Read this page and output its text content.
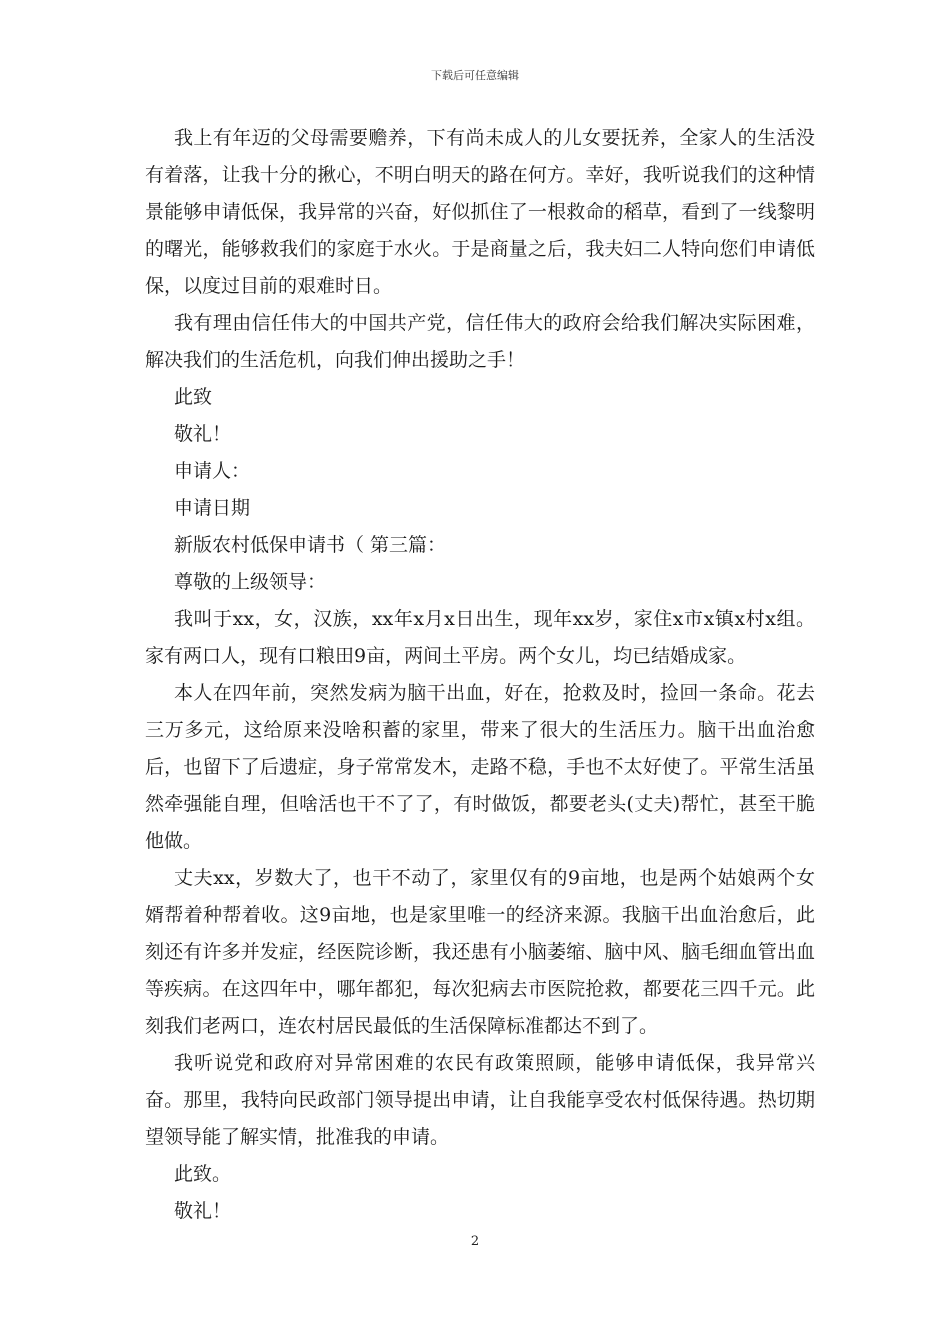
下载后可任意编辑

我上有年迈的父母需要赡养，下有尚未成人的儿女要抚养，全家人的生活没有着落，让我十分的揪心，不明白明天的路在何方。幸好，我听说我们的这种情景能够申请低保，我异常的兴奋，好似抓住了一根救命的稻草，看到了一线黎明的曙光，能够救我们的家庭于水火。于是商量之后，我夫妇二人特向您们申请低保，以度过目前的艰难时日。

我有理由信任伟大的中国共产党，信任伟大的政府会给我们解决实际困难，解决我们的生活危机，向我们伸出援助之手！

此致

敬礼！

申请人：

申请日期

新版农村低保申请书（ 第三篇：

尊敬的上级领导：

我叫于xx，女，汉族，xx年x月x日出生，现年xx岁，家住x市x镇x村x组。家有两口人，现有口粮田9亩，两间土平房。两个女儿，均已结婚成家。

本人在四年前，突然发病为脑干出血，好在，抢救及时，捡回一条命。花去三万多元，这给原来没啥积蓄的家里，带来了很大的生活压力。脑干出血治愈后，也留下了后遗症，身子常常发木，走路不稳，手也不太好使了。平常生活虽然牵强能自理，但啥活也干不了了，有时做饭，都要老头(丈夫)帮忙，甚至干脆他做。

丈夫xx，岁数大了，也干不动了，家里仅有的9亩地，也是两个姑娘两个女婿帮着种帮着收。这9亩地，也是家里唯一的经济来源。我脑干出血治愈后，此刻还有许多并发症，经医院诊断，我还患有小脑萎缩、脑中风、脑毛细血管出血等疾病。在这四年中，哪年都犯，每次犯病去市医院抢救，都要花三四千元。此刻我们老两口，连农村居民最低的生活保障标准都达不到了。

我听说党和政府对异常困难的农民有政策照顾，能够申请低保，我异常兴奋。那里，我特向民政部门领导提出申请，让自我能享受农村低保待遇。热切期望领导能了解实情，批准我的申请。

此致。

敬礼！

2
